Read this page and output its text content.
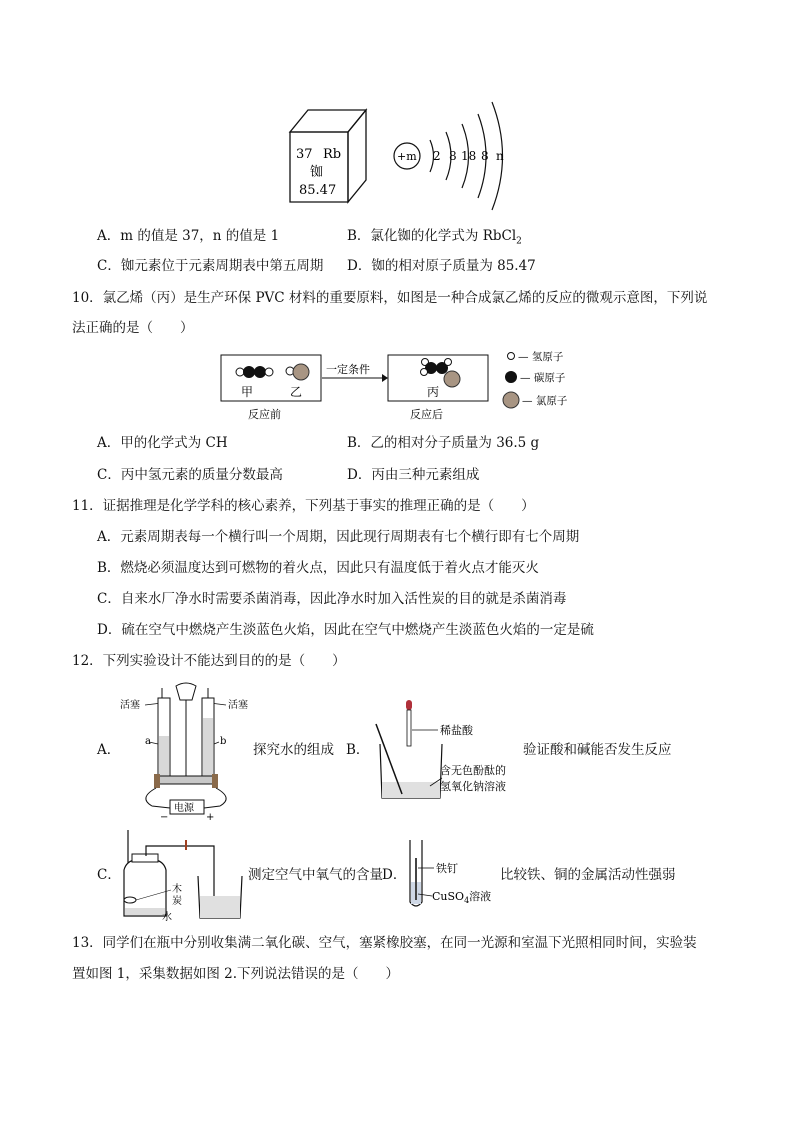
37 Rb
铷
85.47
+m 2 8 18 8 n
A．m 的值是 37，n 的值是 1	B．氯化铷的化学式为 RbCl$_2$
C．铷元素位于元素周期表中第五周期 D．铷的相对原子质量为 85.47
10．氯乙烯（丙）是生产环保 PVC 材料的重要原料，如图是一种合成氯乙烯的反应的微观示意图，下列说
法正确的是（　　）
甲	乙
反应前
一定条件
丙
反应后
— 氢原子
— 碳原子
— 氯原子
A．甲的化学式为 CH	B．乙的相对分子质量为 36.5 g
C．丙中氢元素的质量分数最高	D．丙由三种元素组成
11．证据推理是化学学科的核心素养，下列基于事实的推理正确的是（　　）
A．元素周期表每一个横行叫一个周期，因此现行周期表有七个横行即有七个周期
B．燃烧必须温度达到可燃物的着火点，因此只有温度低于着火点才能灭火
C．自来水厂净水时需要杀菌消毒，因此净水时加入活性炭的目的就是杀菌消毒
D．硫在空气中燃烧产生淡蓝色火焰，因此在空气中燃烧产生淡蓝色火焰的一定是硫
12．下列实验设计不能达到目的的是（　　）
A．
活塞	活塞
a	b
电源
−	+
探究水的组成 B．
稀盐酸
含无色酚酞的
氢氧化钠溶液
验证酸和碱能否发生反应
C．
木
炭
水
测定空气中氧气的含量 D．	铁钉
CuSO$_4$溶液
比较铁、铜的金属活动性强弱
13．同学们在瓶中分别收集满二氧化碳、空气，塞紧橡胶塞，在同一光源和室温下光照相同时间，实验装
置如图 1，采集数据如图 2.下列说法错误的是（　　）
